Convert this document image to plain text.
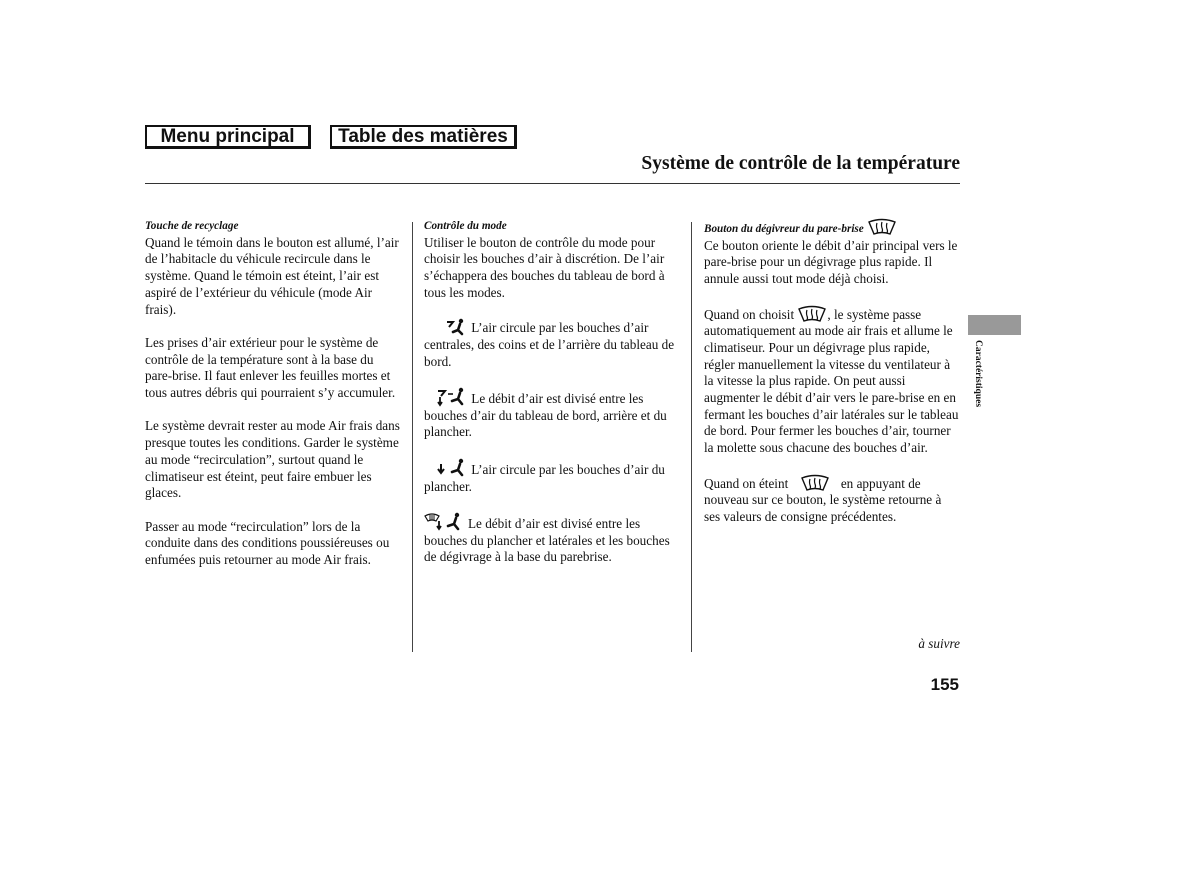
Menu principal	Table des matières
Système de contrôle de la température
Touche de recyclage

Quand le témoin dans le bouton est allumé, l’air de l’habitacle du véhicule recircule dans le système. Quand le témoin est éteint, l’air est aspiré de l’extérieur du véhicule (mode Air frais).

Les prises d’air extérieur pour le système de contrôle de la température sont à la base du pare-brise. Il faut enlever les feuilles mortes et tous autres débris qui pourraient s’y accumuler.

Le système devrait rester au mode Air frais dans presque toutes les conditions. Garder le système au mode “recirculation”, surtout quand le climatiseur est éteint, peut faire embuer les glaces.

Passer au mode “recirculation” lors de la conduite dans des conditions poussiéreuses ou enfumées puis retourner au mode Air frais.

Contrôle du mode

Utiliser le bouton de contrôle du mode pour choisir les bouches d’air à discrétion. De l’air s’échappera des bouches du tableau de bord à tous les modes.

L’air circule par les bouches d’air centrales, des coins et de l’arrière du tableau de bord.

Le débit d’air est divisé entre les bouches d’air du tableau de bord, arrière et du plancher.

L’air circule par les bouches d’air du plancher.

Le débit d’air est divisé entre les bouches du plancher et latérales et les bouches de dégivrage à la base du parebrise.

Bouton du dégivreur du pare-brise

Ce bouton oriente le débit d’air principal vers le pare-brise pour un dégivrage plus rapide. Il annule aussi tout mode déjà choisi.

Quand on choisit	, le système passe automatiquement au mode air frais et allume le climatiseur. Pour un dégivrage plus rapide, régler manuellement la vitesse du ventilateur à la vitesse la plus rapide. On peut aussi augmenter le débit d’air vers le pare-brise en en fermant les bouches d’air latérales sur le tableau de bord. Pour fermer les bouches d’air, tourner la molette sous chacune des bouches d’air.

Quand on éteint	en appuyant de nouveau sur ce bouton, le système retourne à ses valeurs de consigne précédentes.

Caractéristiques
à suivre
155
